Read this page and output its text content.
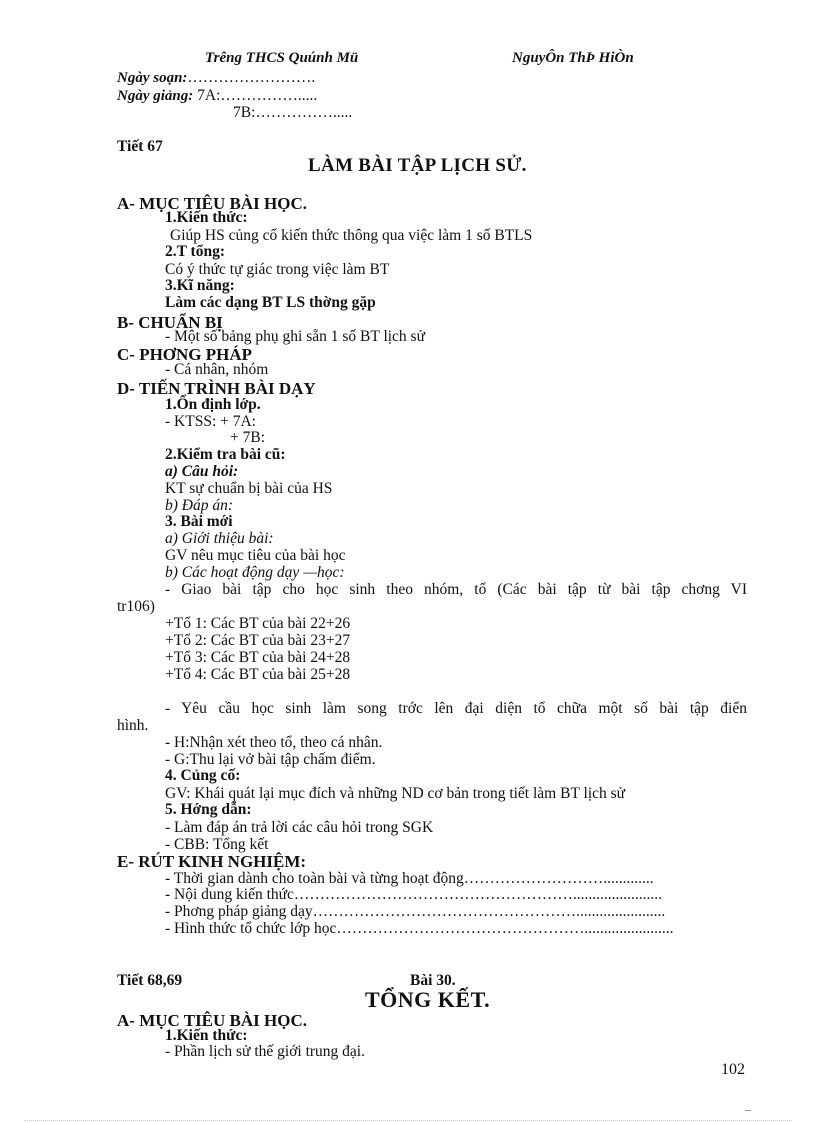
Trêng THCS Quúnh Mü	NguyÔn ThÞ HiÒn
Ngày soạn:…………………….
Ngày giảng: 7A:…………….....
7B:…………….....
Tiết 67
LÀM BÀI TẬP LỊCH SỬ.
A- MỤC TIÊU BÀI HỌC.
1.Kiến thức:
Giúp HS củng cố kiến thức thông qua việc làm 1 số BTLS
2.T tổng:
Có ý thức tự giác trong việc làm BT
3.Kĩ năng:
Làm các dạng BT LS thờng gặp
B- CHUẨN BỊ
- Một số bảng phụ ghi sẵn 1 số BT lịch sử
C- PHƠNG PHÁP
- Cá nhân, nhóm
D- TIẾN TRÌNH BÀI DẠY
1.Ổn định lớp.
- KTSS: + 7A:
+ 7B:
2.Kiểm tra bài cũ:
a) Câu hỏi:
KT sự chuẩn bị bài của HS
b) Đáp án:
3. Bài mới
a) Giới thiệu bài:
GV nêu mục tiêu của bài học
b) Các hoạt động dạy —học:
- Giao bài tập cho học sinh theo nhóm, tổ (Các bài tập từ bài tập chơng VI
tr106)
+Tổ 1: Các BT của bài 22+26
+Tổ 2: Các BT của bài 23+27
+Tổ 3: Các BT của bài 24+28
+Tổ 4: Các BT của bài 25+28
- Yêu cầu học sinh làm song trớc lên đại diện tổ chữa một số bài tập điển
hình.
- H:Nhận xét theo tổ, theo cá nhân.
- G:Thu lại vở bài tập chấm điểm.
4. Củng cố:
GV: Khái quát lại mục đích và những ND cơ bản trong tiết làm BT lịch sử
5. Hớng dẫn:
- Làm đáp án trả lời các câu hỏi trong SGK
- CBB: Tổng kết
E- RÚT KINH NGHIỆM:
- Thời gian dành cho toàn bài và từng hoạt động……………………….............
- Nội dung kiến thức……………………………………………….......................
- Phơng pháp giảng dạy…………………………………………….......................
- Hình thức tổ chức lớp học………………………………………….......................
Tiết 68,69	Bài 30.
TỔNG KẾT.
A- MỤC TIÊU BÀI HỌC.
1.Kiến thức:
- Phần lịch sử thế giới trung đại.
102
_
